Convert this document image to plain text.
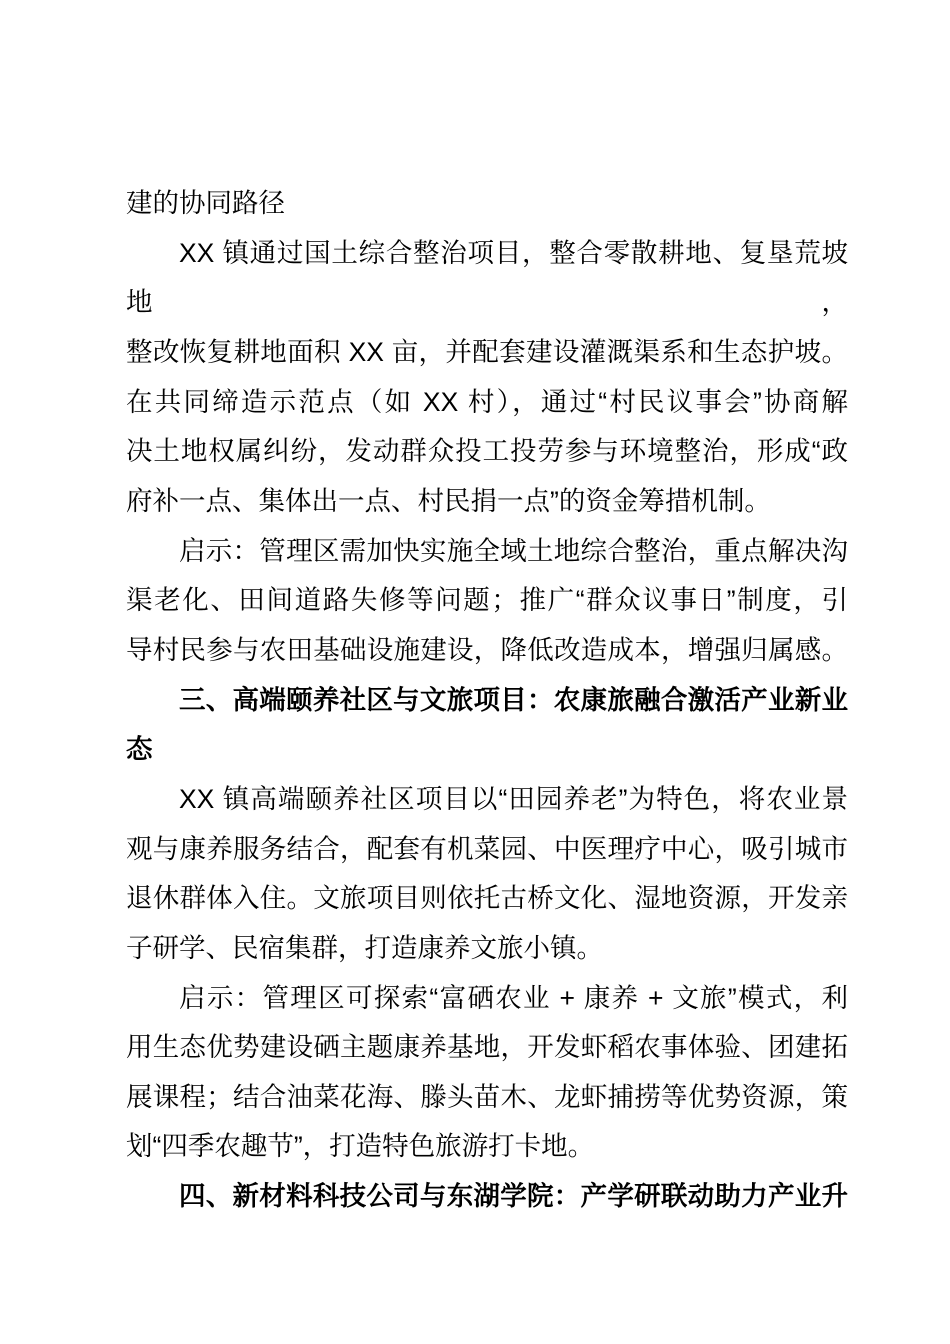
建的协同路径
XX 镇通过国土综合整治项目，整合零散耕地、复垦荒坡地，
整改恢复耕地面积 XX 亩，并配套建设灌溉渠系和生态护坡。
在共同缔造示范点（如 XX 村），通过“村民议事会”协商解
决土地权属纠纷，发动群众投工投劳参与环境整治，形成“政
府补一点、集体出一点、村民捐一点”的资金筹措机制。
启示：管理区需加快实施全域土地综合整治，重点解决沟
渠老化、田间道路失修等问题；推广“群众议事日”制度，引
导村民参与农田基础设施建设，降低改造成本，增强归属感。
三、高端颐养社区与文旅项目：农康旅融合激活产业新业
态
XX 镇高端颐养社区项目以“田园养老”为特色，将农业景
观与康养服务结合，配套有机菜园、中医理疗中心，吸引城市
退休群体入住。文旅项目则依托古桥文化、湿地资源，开发亲
子研学、民宿集群，打造康养文旅小镇。
启示：管理区可探索“富硒农业 + 康养 + 文旅”模式，利
用生态优势建设硒主题康养基地，开发虾稻农事体验、团建拓
展课程；结合油菜花海、滕头苗木、龙虾捕捞等优势资源，策
划“四季农趣节”，打造特色旅游打卡地。
四、新材料科技公司与东湖学院：产学研联动助力产业升
